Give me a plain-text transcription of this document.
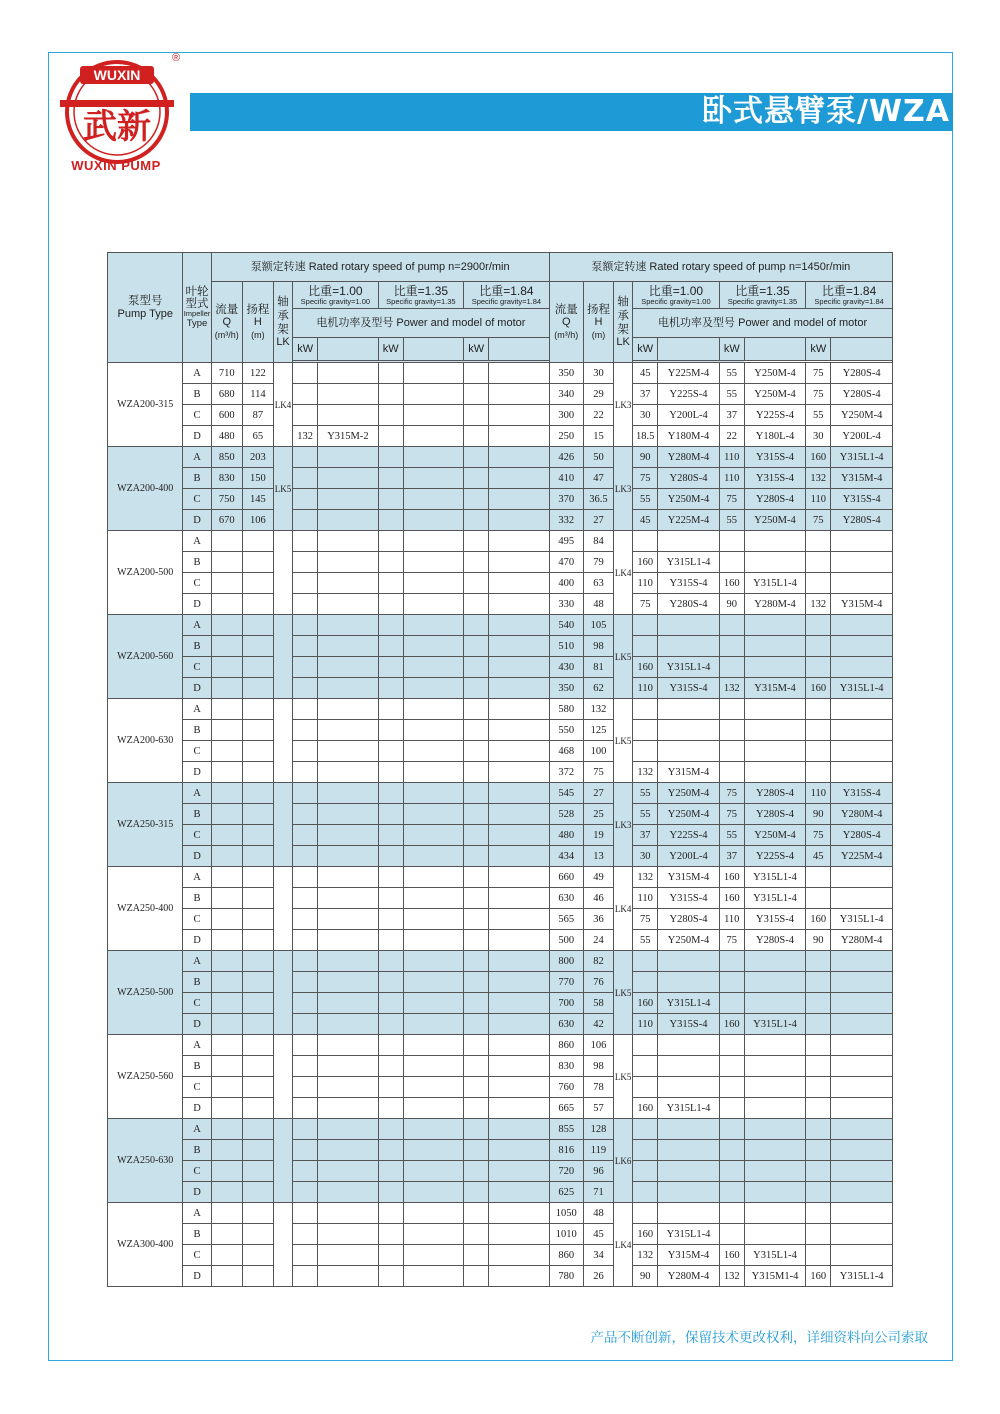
WUXIN
武新
®
WUXIN PUMP
卧式悬臂泵/WZA
泵型号
Pump Type	叶轮型式
Impeller
Type	泵额定转速 Rated rotary speed of pump n=2900r/min									泵额定转速 Rated rotary speed of pump n=1450r/min								
		流量
Q
(m³/h)	扬程
H
(m)	轴承架
LK	比重=1.00
Specific gravity=1.00		比重=1.35
Specific gravity=1.35		比重=1.84
Specific gravity=1.84		流量
Q
(m³/h)	扬程
H
(m)	轴承架
LK	比重=1.00
Specific gravity=1.00		比重=1.35
Specific gravity=1.35		比重=1.84
Specific gravity=1.84	

					电机功率及型号 Power and model of motor									电机功率及型号 Power and model of motor					
					kW		kW		kW					kW		kW		kW	

WZA200-315	A	710	122	LK4							350	30	LK3	45	Y225M-4	55	Y250M-4	75	Y280S-4
	B	680	114								340	29		37	Y225S-4	55	Y250M-4	75	Y280S-4
	C	600	87								300	22		30	Y200L-4	37	Y225S-4	55	Y250M-4
	D	480	65		132	Y315M-2					250	15		18.5	Y180M-4	22	Y180L-4	30	Y200L-4
WZA200-400	A	850	203	LK5							426	50	LK3	90	Y280M-4	110	Y315S-4	160	Y315L1-4
	B	830	150								410	47		75	Y280S-4	110	Y315S-4	132	Y315M-4
	C	750	145								370	36.5		55	Y250M-4	75	Y280S-4	110	Y315S-4
	D	670	106								332	27		45	Y225M-4	55	Y250M-4	75	Y280S-4
WZA200-500	A										495	84	LK4						
	B										470	79		160	Y315L1-4				
	C										400	63		110	Y315S-4	160	Y315L1-4		
	D										330	48		75	Y280S-4	90	Y280M-4	132	Y315M-4
WZA200-560	A										540	105	LK5						
	B										510	98							
	C										430	81		160	Y315L1-4				
	D										350	62		110	Y315S-4	132	Y315M-4	160	Y315L1-4
WZA200-630	A										580	132	LK5						
	B										550	125							
	C										468	100							
	D										372	75		132	Y315M-4				
WZA250-315	A										545	27	LK3	55	Y250M-4	75	Y280S-4	110	Y315S-4
	B										528	25		55	Y250M-4	75	Y280S-4	90	Y280M-4
	C										480	19		37	Y225S-4	55	Y250M-4	75	Y280S-4
	D										434	13		30	Y200L-4	37	Y225S-4	45	Y225M-4
WZA250-400	A										660	49	LK4	132	Y315M-4	160	Y315L1-4		
	B										630	46		110	Y315S-4	160	Y315L1-4		
	C										565	36		75	Y280S-4	110	Y315S-4	160	Y315L1-4
	D										500	24		55	Y250M-4	75	Y280S-4	90	Y280M-4
WZA250-500	A										800	82	LK5						
	B										770	76							
	C										700	58		160	Y315L1-4				
	D										630	42		110	Y315S-4	160	Y315L1-4		
WZA250-560	A										860	106	LK5						
	B										830	98							
	C										760	78							
	D										665	57		160	Y315L1-4				
WZA250-630	A										855	128	LK6						
	B										816	119							
	C										720	96							
	D										625	71							
WZA300-400	A										1050	48	LK4						
	B										1010	45		160	Y315L1-4				
	C										860	34		132	Y315M-4	160	Y315L1-4		
	D										780	26		90	Y280M-4	132	Y315M1-4	160	Y315L1-4
产品不断创新，保留技术更改权利，详细资料向公司索取
